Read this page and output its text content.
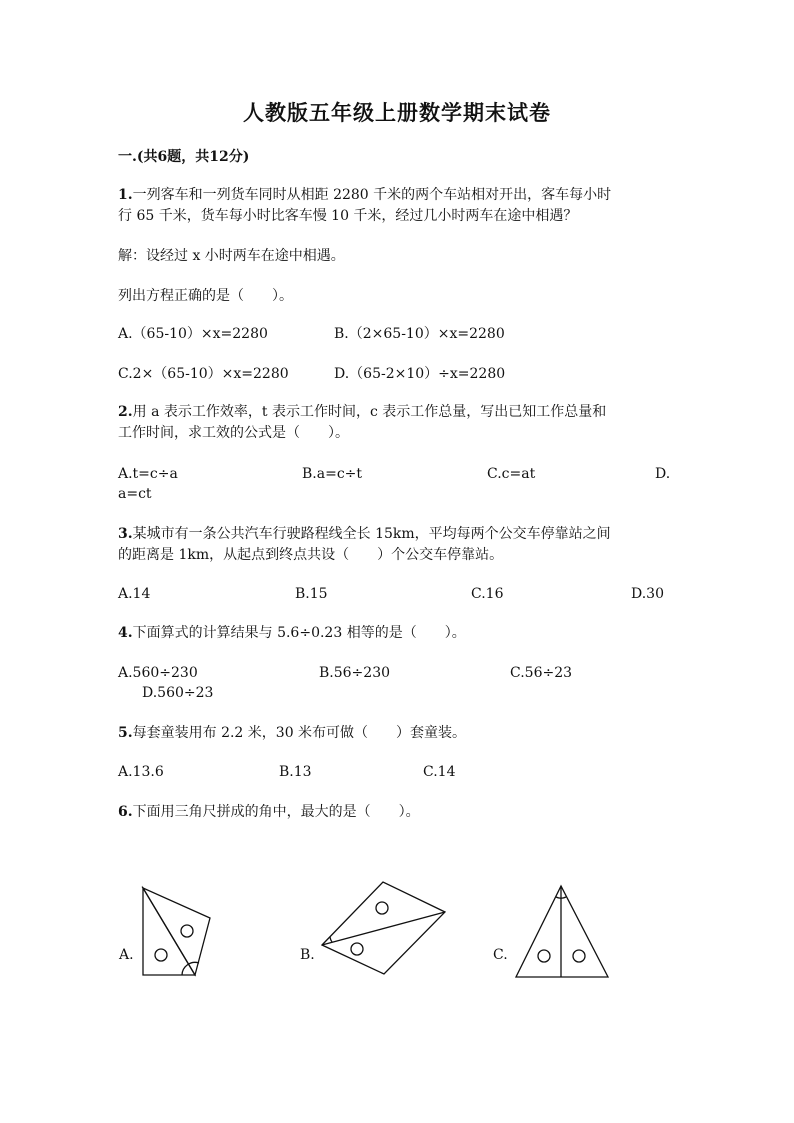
人教版五年级上册数学期末试卷
一.(共6题，共12分)
1.一列客车和一列货车同时从相距 2280 千米的两个车站相对开出，客车每小时
行 65 千米，货车每小时比客车慢 10 千米，经过几小时两车在途中相遇？
解：设经过 x 小时两车在途中相遇。
列出方程正确的是（　　）。
A.（65-10）×x=2280	B.（2×65-10）×x=2280
C.2×（65-10）×x=2280	D.（65-2×10）÷x=2280
2.用 a 表示工作效率，t 表示工作时间，c 表示工作总量，写出已知工作总量和
工作时间，求工效的公式是（　　）。
A.t=c÷a	B.a=c÷t	C.c=at	D.
a=ct
3.某城市有一条公共汽车行驶路程线全长 15km，平均每两个公交车停靠站之间
的距离是 1km，从起点到终点共设（　　）个公交车停靠站。
A.14	B.15	C.16	D.30
4.下面算式的计算结果与 5.6÷0.23 相等的是（　　）。
A.560÷230	B.56÷230	C.56÷23
D.560÷23
5.每套童装用布 2.2 米，30 米布可做（　　）套童装。
A.13.6	B.13	C.14
6.下面用三角尺拼成的角中，最大的是（　　）。
A.	B.	C.
